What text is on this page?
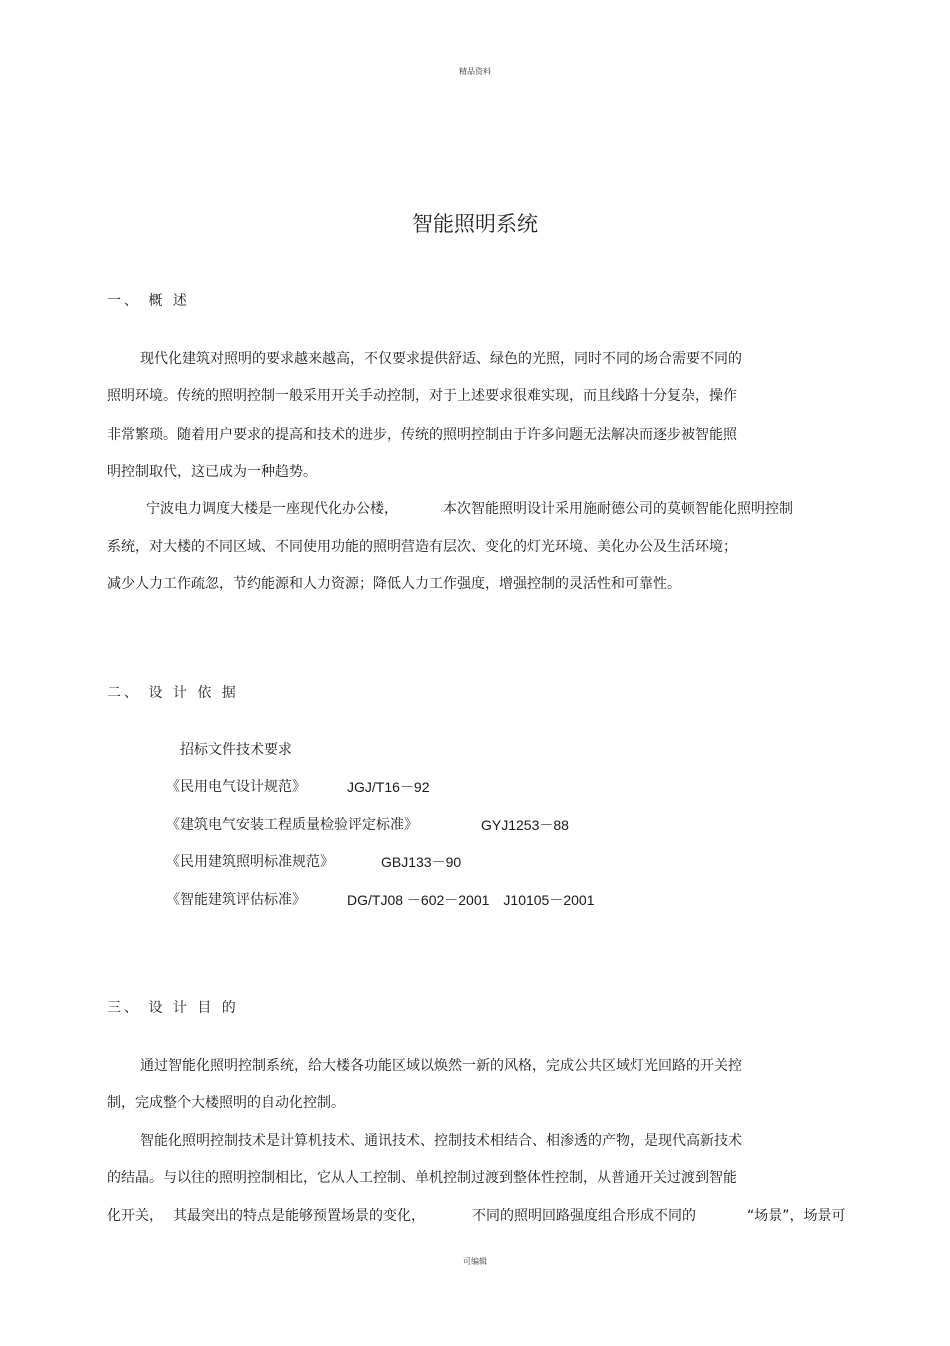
精品资料
智能照明系统
一、 概 述
现代化建筑对照明的要求越来越高，不仅要求提供舒适、绿色的光照，同时不同的场合需要不同的
照明环境。传统的照明控制一般采用开关手动控制，对于上述要求很难实现，而且线路十分复杂，操作
非常繁琐。随着用户要求的提高和技术的进步，传统的照明控制由于许多问题无法解决而逐步被智能照
明控制取代，这已成为一种趋势。
宁波电力调度大楼是一座现代化办公楼，	本次智能照明设计采用施耐德公司的莫顿智能化照明控制
系统，对大楼的不同区域、不同使用功能的照明营造有层次、变化的灯光环境、美化办公及生活环境；
减少人力工作疏忽，节约能源和人力资源；降低人力工作强度，增强控制的灵活性和可靠性。
二、 设 计 依 据
招标文件技术要求
《民用电气设计规范》	JGJ/T16－92
《建筑电气安装工程质量检验评定标准》	GYJ1253－88
《民用建筑照明标准规范》	GBJ133－90
《智能建筑评估标准》	DG/TJ08 －602－2001　J10105－2001
三、 设 计 目 的
通过智能化照明控制系统，给大楼各功能区域以焕然一新的风格，完成公共区域灯光回路的开关控
制，完成整个大楼照明的自动化控制。
智能化照明控制技术是计算机技术、通讯技术、控制技术相结合、相渗透的产物，是现代高新技术
的结晶。与以往的照明控制相比，它从人工控制、单机控制过渡到整体性控制，从普通开关过渡到智能
化开关， 其最突出的特点是能够预置场景的变化，	不同的照明回路强度组合形成不同的	“场景”，场景可
可编辑
